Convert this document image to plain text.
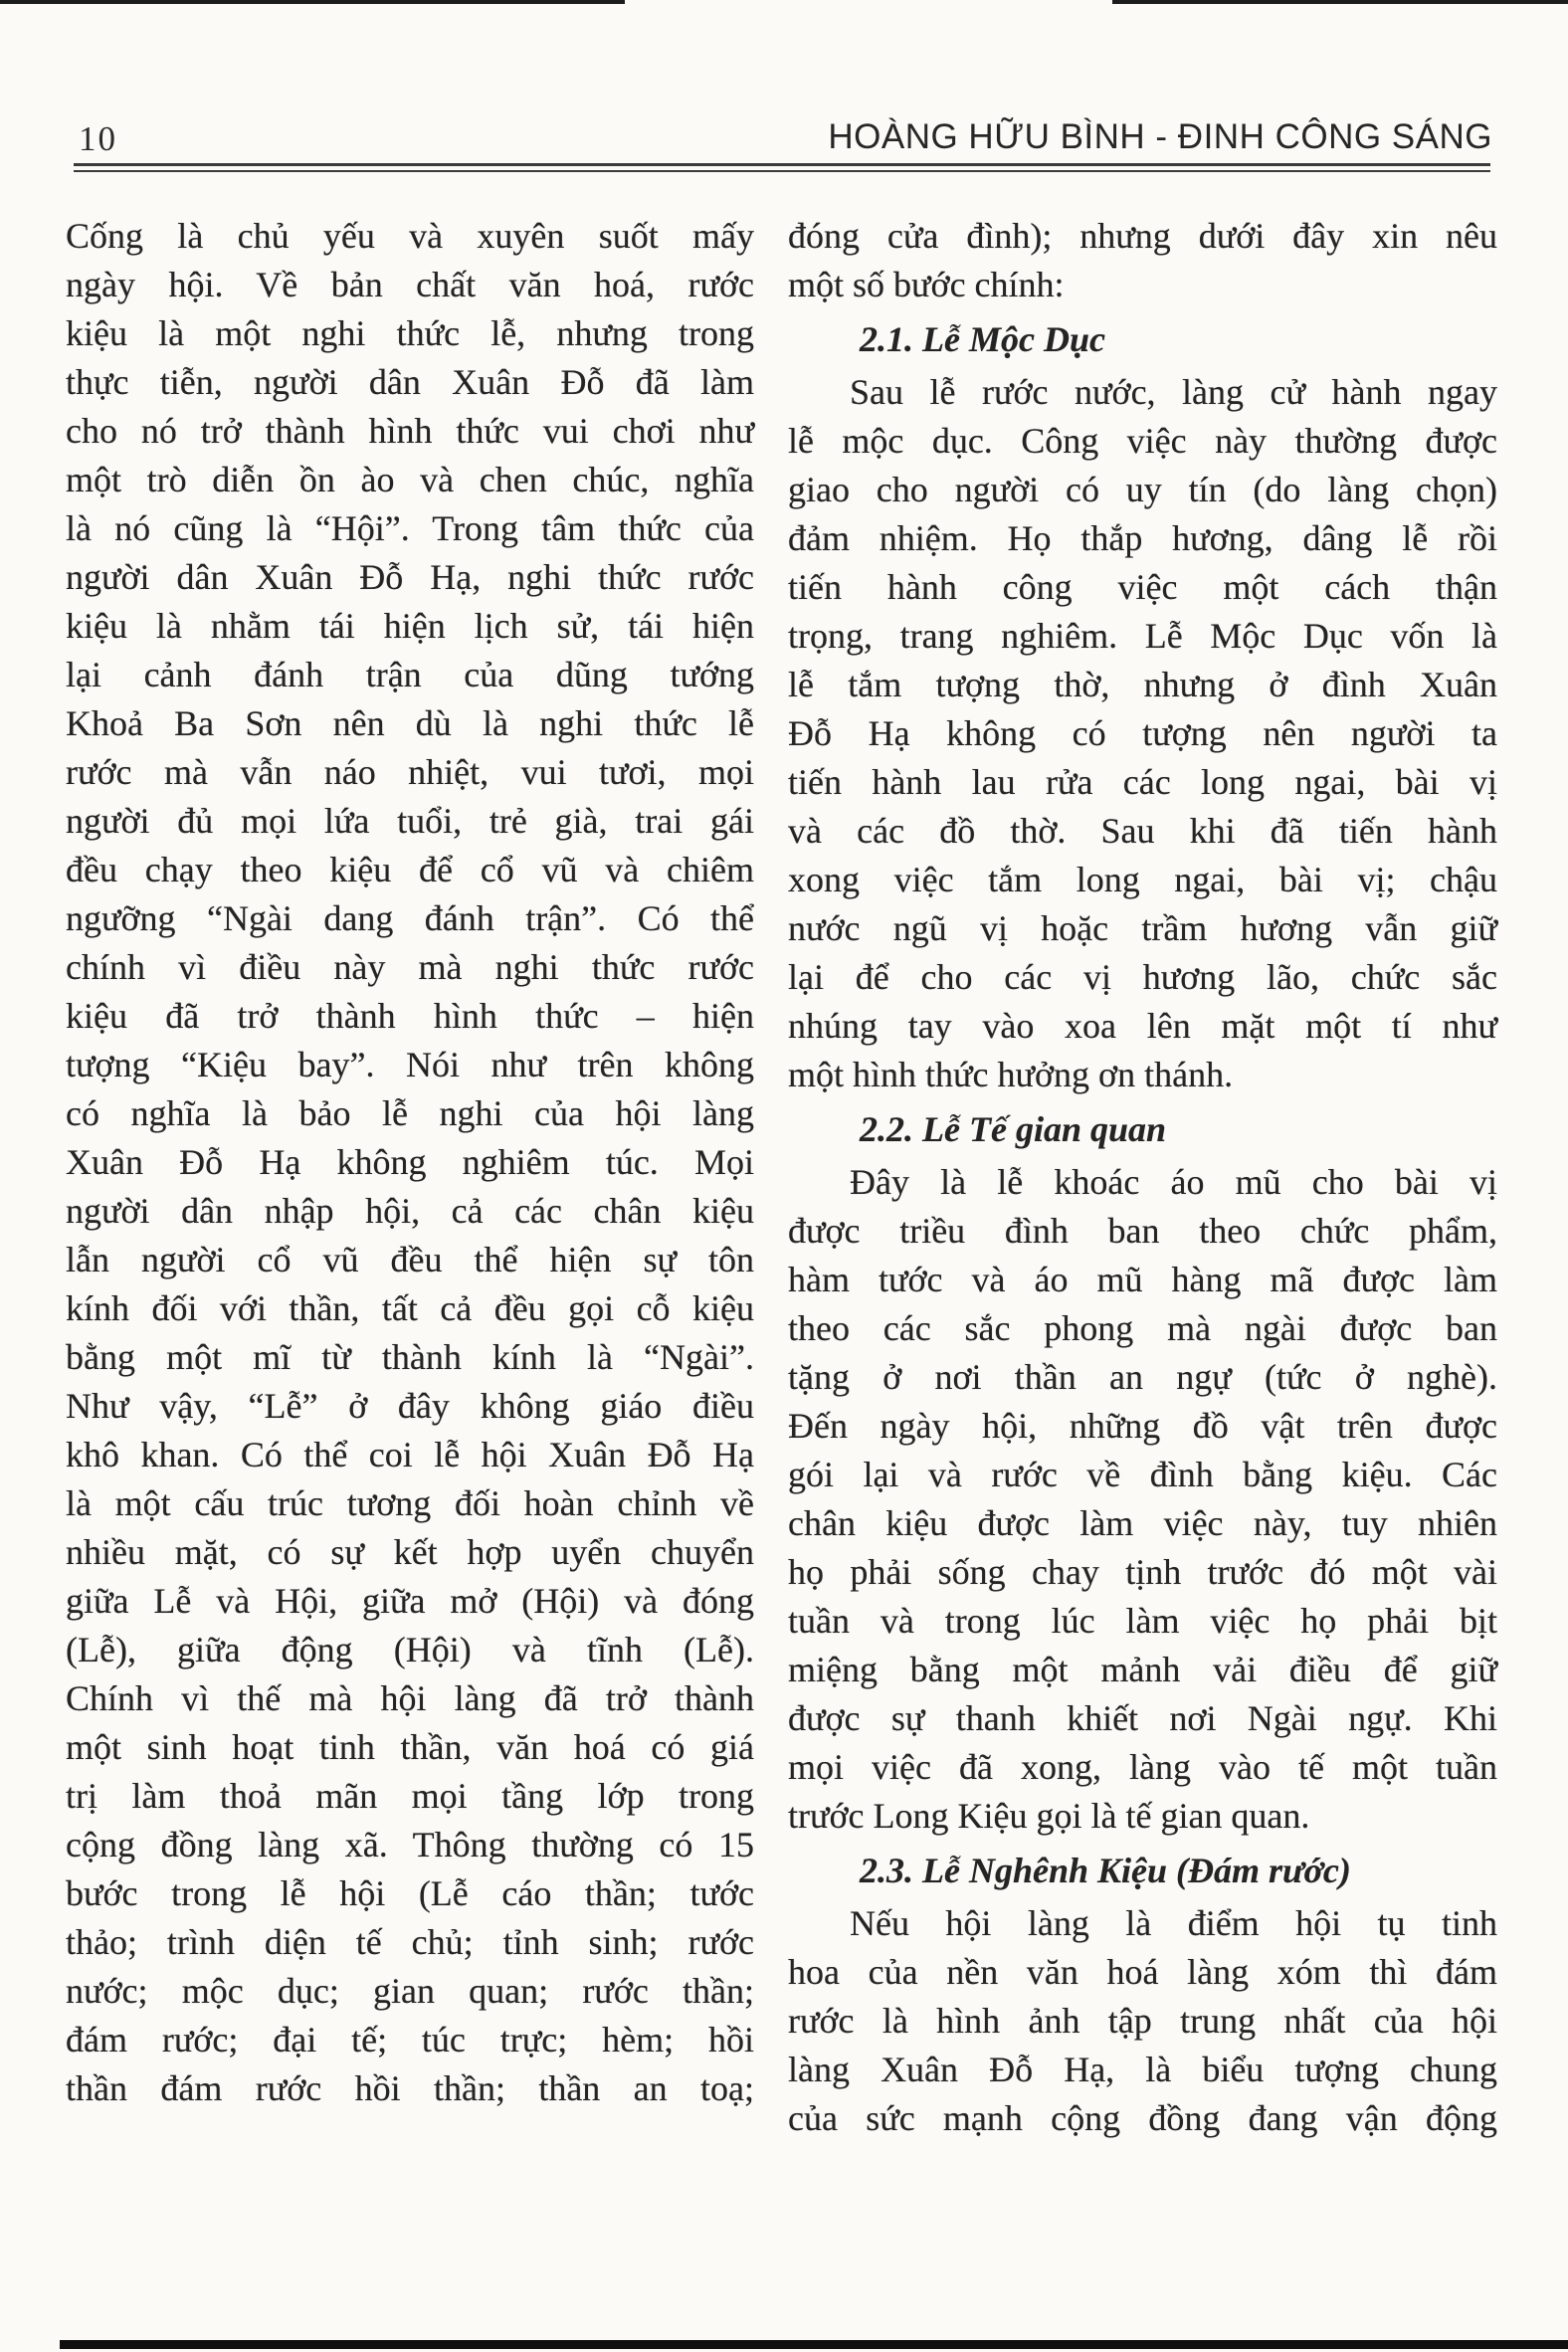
10	HOÀNG HỮU BÌNH - ĐINH CÔNG SÁNG
Cống là chủ yếu và xuyên suốt mấy
ngày hội. Về bản chất văn hoá, rước
kiệu là một nghi thức lễ, nhưng trong
thực tiễn, người dân Xuân Đỗ đã làm
cho nó trở thành hình thức vui chơi như
một trò diễn ồn ào và chen chúc, nghĩa
là nó cũng là “Hội”. Trong tâm thức của
người dân Xuân Đỗ Hạ, nghi thức rước
kiệu là nhằm tái hiện lịch sử, tái hiện
lại cảnh đánh trận của dũng tướng
Khoả Ba Sơn nên dù là nghi thức lễ
rước mà vẫn náo nhiệt, vui tươi, mọi
người đủ mọi lứa tuổi, trẻ già, trai gái
đều chạy theo kiệu để cổ vũ và chiêm
ngưỡng “Ngài dang đánh trận”. Có thể
chính vì điều này mà nghi thức rước
kiệu đã trở thành hình thức – hiện
tượng “Kiệu bay”. Nói như trên không
có nghĩa là bảo lễ nghi của hội làng
Xuân Đỗ Hạ không nghiêm túc. Mọi
người dân nhập hội, cả các chân kiệu
lẫn người cổ vũ đều thể hiện sự tôn
kính đối với thần, tất cả đều gọi cỗ kiệu
bằng một mĩ từ thành kính là “Ngài”.
Như vậy, “Lễ” ở đây không giáo điều
khô khan. Có thể coi lễ hội Xuân Đỗ Hạ
là một cấu trúc tương đối hoàn chỉnh về
nhiều mặt, có sự kết hợp uyển chuyển
giữa Lễ và Hội, giữa mở (Hội) và đóng
(Lễ), giữa động (Hội) và tĩnh (Lễ).
Chính vì thế mà hội làng đã trở thành
một sinh hoạt tinh thần, văn hoá có giá
trị làm thoả mãn mọi tầng lớp trong
cộng đồng làng xã. Thông thường có 15
bước trong lễ hội (Lễ cáo thần; tước
thảo; trình diện tế chủ; tỉnh sinh; rước
nước; mộc dục; gian quan; rước thần;
đám rước; đại tế; túc trực; hèm; hồi
thần đám rước hồi thần; thần an toạ;
đóng cửa đình); nhưng dưới đây xin nêu
một số bước chính:
2.1. Lễ Mộc Dục
Sau lễ rước nước, làng cử hành ngay
lễ mộc dục. Công việc này thường được
giao cho người có uy tín (do làng chọn)
đảm nhiệm. Họ thắp hương, dâng lễ rồi
tiến hành công việc một cách thận
trọng, trang nghiêm. Lễ Mộc Dục vốn là
lễ tắm tượng thờ, nhưng ở đình Xuân
Đỗ Hạ không có tượng nên người ta
tiến hành lau rửa các long ngai, bài vị
và các đồ thờ. Sau khi đã tiến hành
xong việc tắm long ngai, bài vị; chậu
nước ngũ vị hoặc trầm hương vẫn giữ
lại để cho các vị hương lão, chức sắc
nhúng tay vào xoa lên mặt một tí như
một hình thức hưởng ơn thánh.
2.2. Lễ Tế gian quan
Đây là lễ khoác áo mũ cho bài vị
được triều đình ban theo chức phẩm,
hàm tước và áo mũ hàng mã được làm
theo các sắc phong mà ngài được ban
tặng ở nơi thần an ngự (tức ở nghè).
Đến ngày hội, những đồ vật trên được
gói lại và rước về đình bằng kiệu. Các
chân kiệu được làm việc này, tuy nhiên
họ phải sống chay tịnh trước đó một vài
tuần và trong lúc làm việc họ phải bịt
miệng bằng một mảnh vải điều để giữ
được sự thanh khiết nơi Ngài ngự. Khi
mọi việc đã xong, làng vào tế một tuần
trước Long Kiệu gọi là tế gian quan.
2.3. Lễ Nghênh Kiệu (Đám rước)
Nếu hội làng là điểm hội tụ tinh
hoa của nền văn hoá làng xóm thì đám
rước là hình ảnh tập trung nhất của hội
làng Xuân Đỗ Hạ, là biểu tượng chung
của sức mạnh cộng đồng đang vận động
